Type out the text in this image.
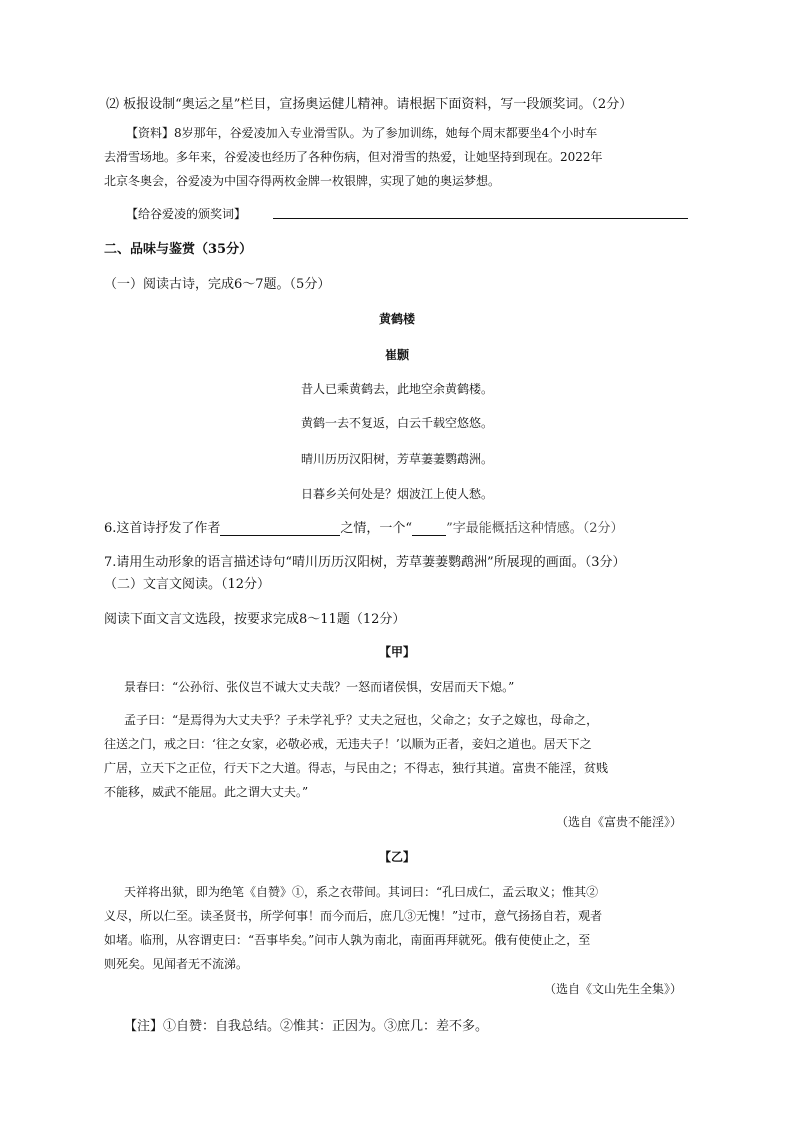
⑵ 板报设制“奥运之星”栏目，宣扬奥运健儿精神。请根据下面资料，写一段颁奖词。（2分）
【资料】8岁那年，谷爱凌加入专业滑雪队。为了参加训练，她每个周末都要坐4个小时车
去滑雪场地。多年来，谷爱凌也经历了各种伤病，但对滑雪的热爱，让她坚持到现在。2022年
北京冬奥会，谷爱凌为中国夺得两枚金牌一枚银牌，实现了她的奥运梦想。
【给谷爱凌的颁奖词】
二、品味与鉴赏（35分）
（一）阅读古诗，完成6～7题。（5分）
黄鹤楼
崔颢
昔人已乘黄鹤去，此地空余黄鹤楼。
黄鹤一去不复返，白云千载空悠悠。
晴川历历汉阳树，芳草萋萋鹦鹉洲。
日暮乡关何处是？烟波江上使人愁。
6.这首诗抒发了作者	之情，一个“	”字最能概括这种情感。（2分）
7.请用生动形象的语言描述诗句“晴川历历汉阳树，芳草萋萋鹦鹉洲”所展现的画面。（3分）
（二）文言文阅读。（12分）
阅读下面文言文选段，按要求完成8～11题（12分）
【甲】
景春曰：“公孙衍、张仪岂不诚大丈夫哉？一怒而诸侯惧，安居而天下熄。”
孟子曰：“是焉得为大丈夫乎？子未学礼乎？丈夫之冠也，父命之；女子之嫁也，母命之，
往送之门，戒之曰：‘往之女家，必敬必戒，无违夫子！’以顺为正者，妾妇之道也。居天下之
广居，立天下之正位，行天下之大道。得志，与民由之；不得志，独行其道。富贵不能淫，贫贱
不能移，威武不能屈。此之谓大丈夫。”
（选自《富贵不能淫》）
【乙】
天祥将出狱，即为绝笔《自赞》①，系之衣带间。其词曰：“孔曰成仁，孟云取义；惟其②
义尽，所以仁至。读圣贤书，所学何事！而今而后，庶几③无愧！”过市，意气扬扬自若，观者
如堵。临刑，从容谓吏曰：“吾事毕矣。”问市人孰为南北，南面再拜就死。俄有使使止之，至
则死矣。见闻者无不流涕。
（选自《文山先生全集》）
【注】①自赞：自我总结。②惟其：正因为。③庶几：差不多。
